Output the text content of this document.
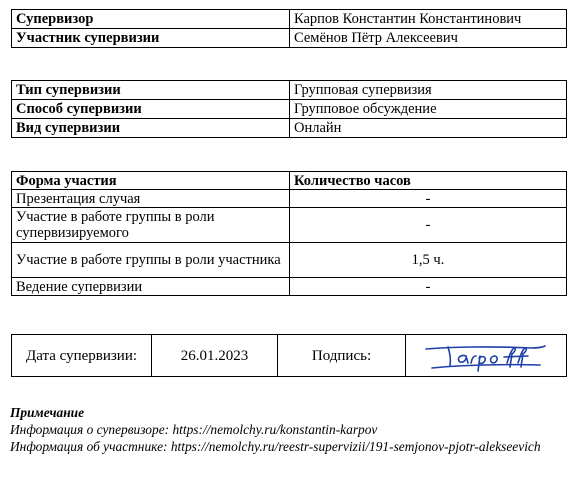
Супервизор	Карпов Константин Константинович
Участник супервизии	Семёнов Пётр Алексеевич
Тип супервизии	Групповая супервизия
Способ супервизии	Групповое обсуждение
Вид супервизии	Онлайн
Форма участия	Количество часов
Презентация случая	-
Участие в работе группы в роли супервизируемого	-
Участие в работе группы в роли участника	1,5 ч.
Ведение супервизии	-
Дата супервизии:	26.01.2023	Подпись:	
Примечание
Информация о супервизоре: https://nemolchy.ru/konstantin-karpov
Информация об участнике: https://nemolchy.ru/reestr-supervizii/191-semjonov-pjotr-alekseevich
